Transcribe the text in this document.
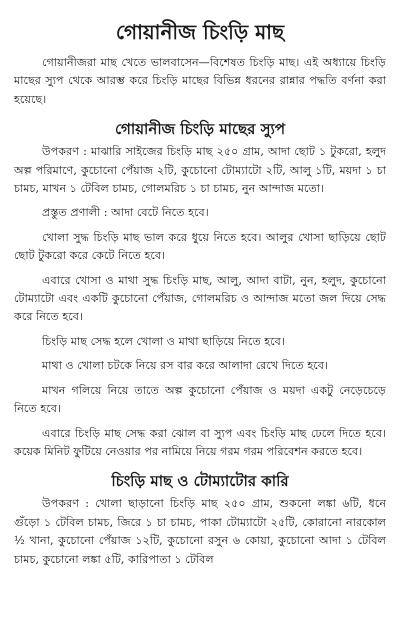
গোয়ানীজ চিংড়ি মাছ

গোয়ানীজরা মাছ খেতে ভালবাসেন—বিশেষত চিংড়ি মাছ। এই অধ্যায়ে চিংড়ি মাছের স্যুপ থেকে আরম্ভ করে চিংড়ি মাছের বিভিন্ন ধরনের রান্নার পদ্ধতি বর্ণনা করা হয়েছে।

গোয়ানীজ চিংড়ি মাছের স্যুপ

উপকরণ : মাঝারি সাইজের চিংড়ি মাছ ২৫০ গ্রাম, আদা ছোট ১ টুকরো, হলুদ অল্প পরিমাণে, কুচোনো পেঁয়াজ ২টি, কুচোনো টোম্যাটো ২টি, আলু ১টি, ময়দা ১ চা চামচ, মাখন ১ টেবিল চামচ, গোলমরিচ ১ চা চামচ, নুন আন্দাজ মতো।

প্রস্তুত প্রণালী : আদা বেটে নিতে হবে।

খোলা সুদ্ধ চিংড়ি মাছ ভাল করে ধুয়ে নিতে হবে। আলুর খোসা ছাড়িয়ে ছোট ছোট টুকরো করে কেটে নিতে হবে।

এবারে খোসা ও মাথা সুদ্ধ চিংড়ি মাছ, আলু, আদা বাটা, নুন, হলুদ, কুচোনো টোম্যাটো এবং একটি কুচোনো পেঁয়াজ, গোলমরিচ ও আন্দাজ মতো জল দিয়ে সেদ্ধ করে নিতে হবে।

চিংড়ি মাছ সেদ্ধ হলে খোলা ও মাথা ছাড়িয়ে নিতে হবে।

মাথা ও খোলা চটকে নিয়ে রস বার করে আলাদা রেখে দিতে হবে।

মাখন গলিয়ে নিয়ে তাতে অল্প কুচোনো পেঁয়াজ ও ময়দা একটু নেড়েচেড়ে নিতে হবে।

এবারে চিংড়ি মাছ সেদ্ধ করা ঝোল বা স্যুপ এবং চিংড়ি মাছ ঢেলে দিতে হবে। কয়েক মিনিট ফুটিয়ে নেওয়ার পর নামিয়ে নিয়ে গরম গরম পরিবেশন করতে হবে।

চিংড়ি মাছ ও টোম্যাটোর কারি

উপকরণ : খোলা ছাড়ানো চিংড়ি মাছ ২৫০ গ্রাম, শুকনো লঙ্কা ৬টি, ধনে গুঁড়ো ১ টেবিল চামচ, জিরে ১ চা চামচ, পাকা টোম্যাটো ২৫টি, কোরানো নারকোল ½ খানা, কুচোনো পেঁয়াজ ১২টি, কুচোনো রসুন ৬ কোয়া, কুচোনো আদা ১ টেবিল চামচ, কুচোনো লঙ্কা ৫টি, কারিপাতা ১ টেবিল
